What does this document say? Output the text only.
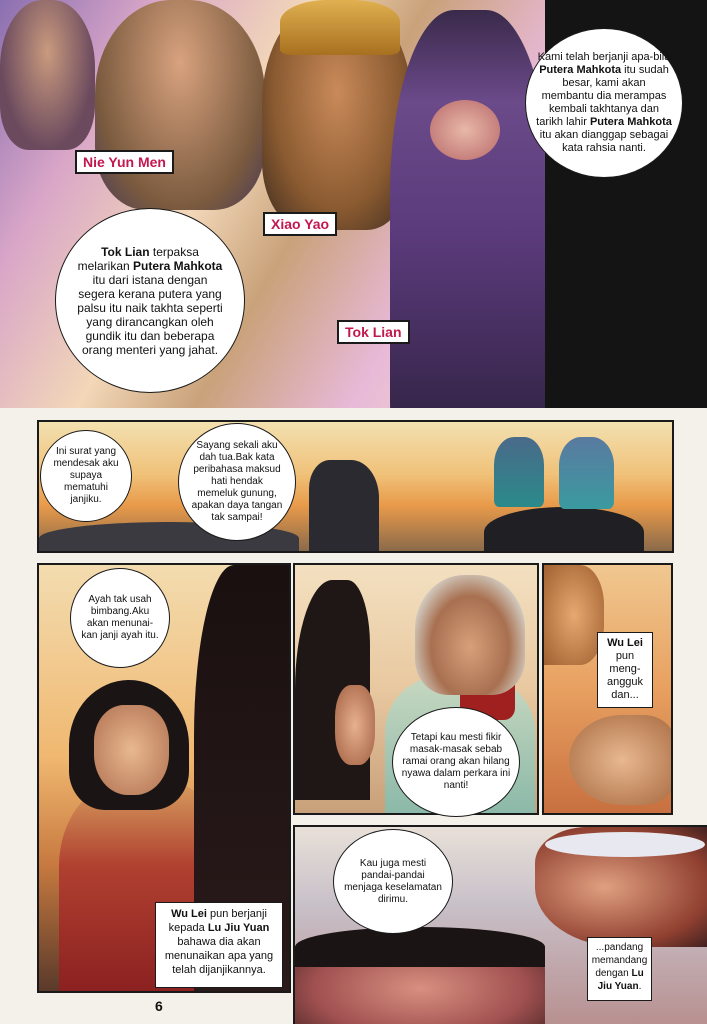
Nie Yun Men
Xiao Yao
Tok Lian
Tok Lian terpaksa melarikan Putera Mahkota itu dari istana dengan segera kerana putera yang palsu itu naik takhta seperti yang dirancangkan oleh gundik itu dan beberapa orang menteri yang jahat.
Kami telah berjanji apa-bila Putera Mahkota itu sudah besar, kami akan membantu dia merampas kembali takhtanya dan tarikh lahir Putera Mahkota itu akan dianggap sebagai kata rahsia nanti.
Ini surat yang mendesak aku supaya mematuhi janjiku.
Sayang sekali aku dah tua.Bak kata peribahasa maksud hati hendak memeluk gunung, apakan daya tangan tak sampai!
Ayah tak usah bimbang.Aku akan menunai-kan janji ayah itu.
Wu Lei pun berjanji kepada Lu Jiu Yuan bahawa dia akan menunaikan apa yang telah dijanjikannya.
Tetapi kau mesti fikir masak-masak sebab ramai orang akan hilang nyawa dalam perkara ini nanti!
Wu Lei pun meng-angguk dan...
Kau juga mesti pandai-pandai menjaga keselamatan dirimu.
...pandang memandang dengan Lu Jiu Yuan.
6
